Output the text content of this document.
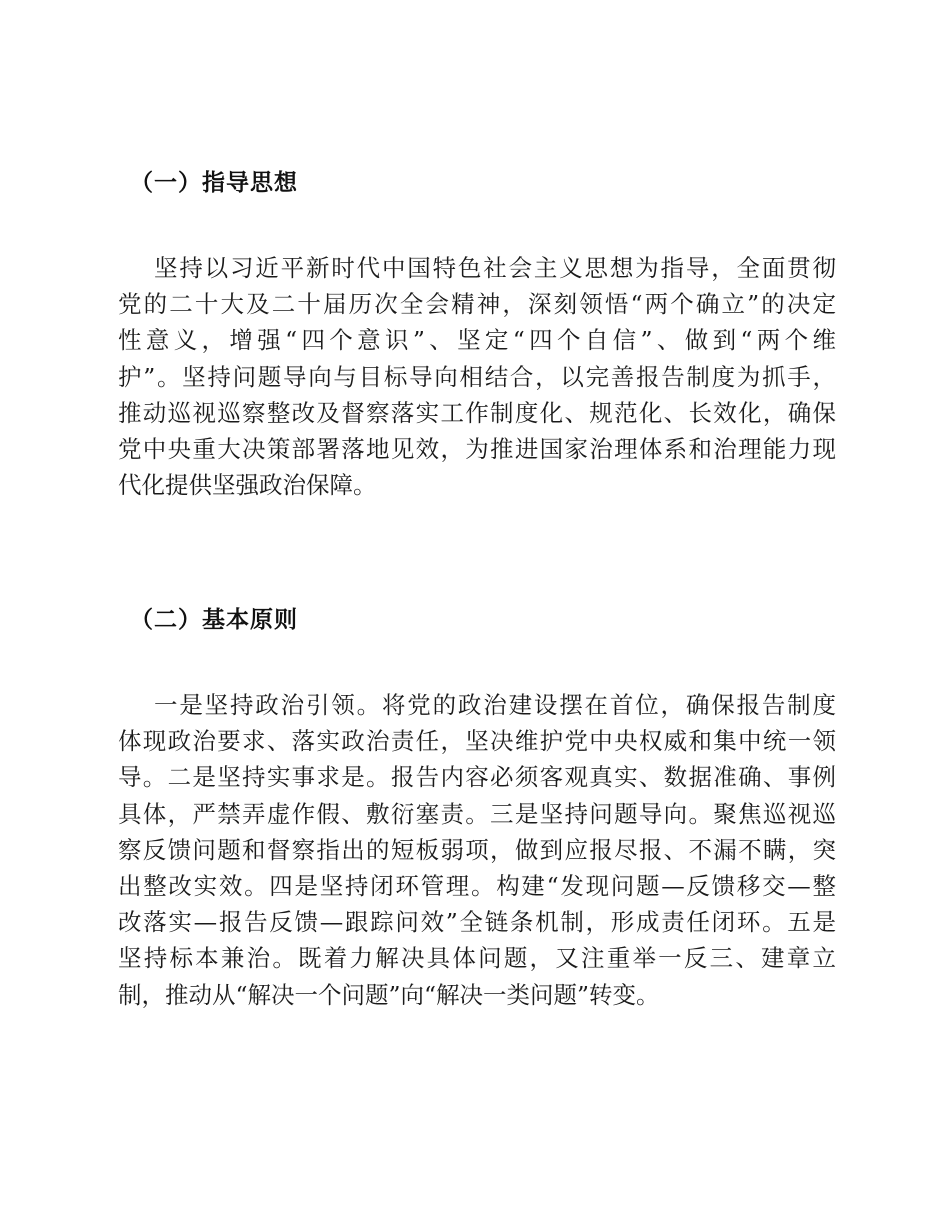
（一）指导思想
坚持以习近平新时代中国特色社会主义思想为指导，全面贯彻
党的二十大及二十届历次全会精神，深刻领悟“两个确立”的决定
性意义，增强“四个意识”、坚定“四个自信”、做到“两个维
护”。坚持问题导向与目标导向相结合，以完善报告制度为抓手，
推动巡视巡察整改及督察落实工作制度化、规范化、长效化，确保
党中央重大决策部署落地见效，为推进国家治理体系和治理能力现
代化提供坚强政治保障。
（二）基本原则
一是坚持政治引领。将党的政治建设摆在首位，确保报告制度
体现政治要求、落实政治责任，坚决维护党中央权威和集中统一领
导。二是坚持实事求是。报告内容必须客观真实、数据准确、事例
具体，严禁弄虚作假、敷衍塞责。三是坚持问题导向。聚焦巡视巡
察反馈问题和督察指出的短板弱项，做到应报尽报、不漏不瞒，突
出整改实效。四是坚持闭环管理。构建“发现问题—反馈移交—整
改落实—报告反馈—跟踪问效”全链条机制，形成责任闭环。五是
坚持标本兼治。既着力解决具体问题，又注重举一反三、建章立
制，推动从“解决一个问题”向“解决一类问题”转变。
